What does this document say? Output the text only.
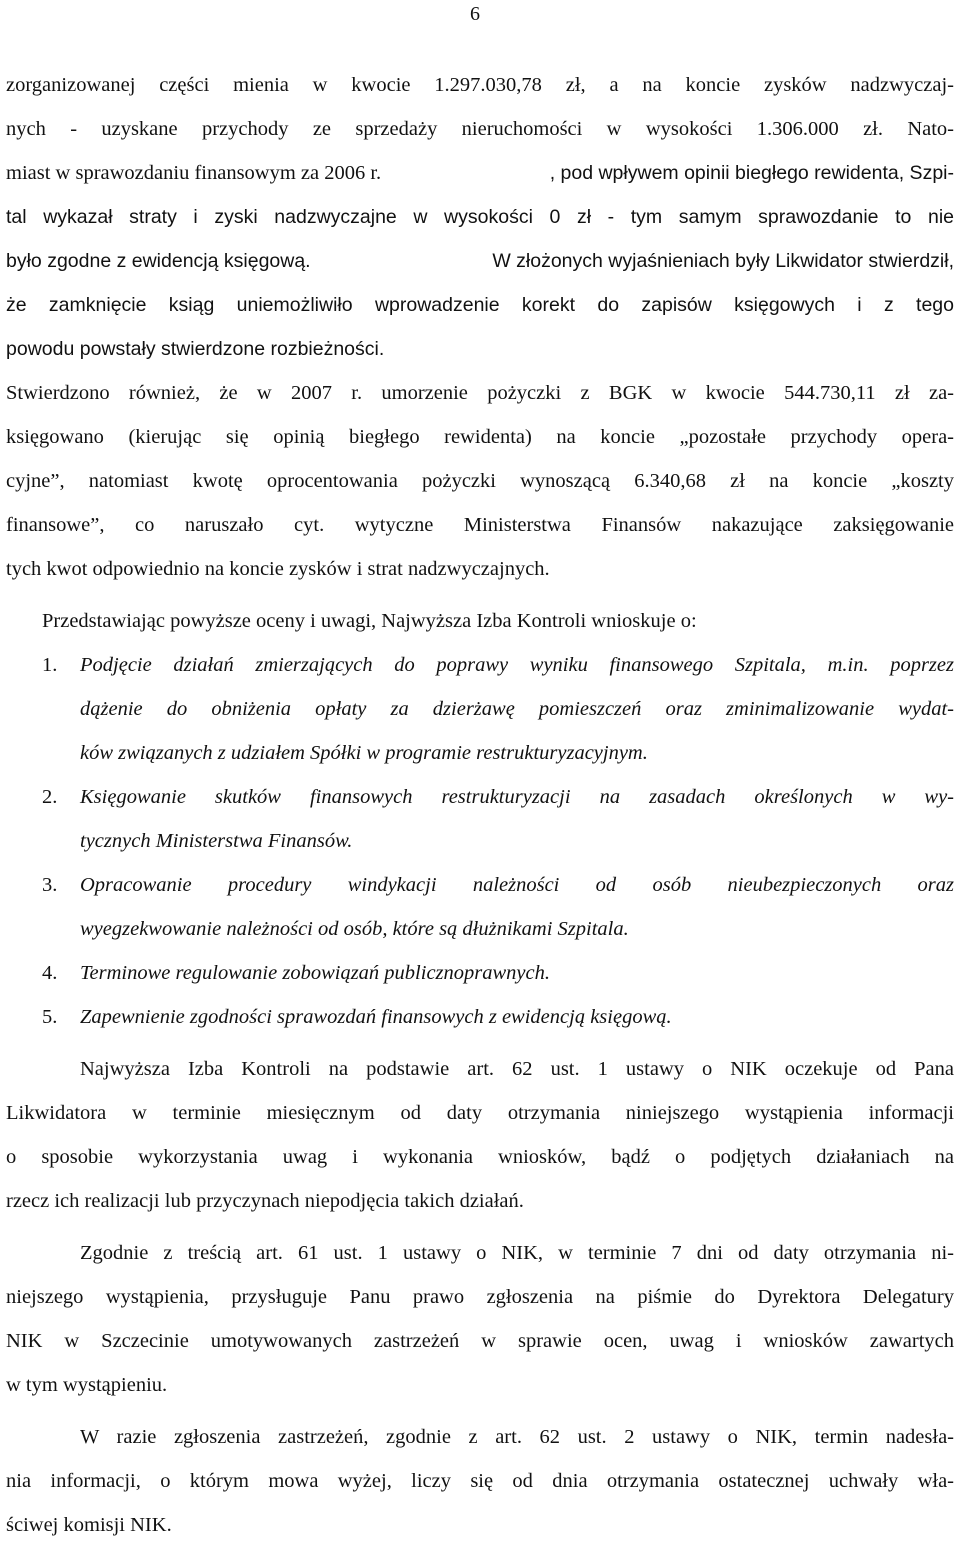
6
zorganizowanej części mienia w kwocie 1.297.030,78 zł, a na koncie zysków nadzwyczaj-
nych - uzyskane przychody ze sprzedaży nieruchomości w wysokości 1.306.000 zł. Nato-
miast w sprawozdaniu finansowym za 2006 r.	, pod wpływem opinii biegłego rewidenta, Szpi-
tal wykazał straty i zyski nadzwyczajne w wysokości 0 zł - tym samym sprawozdanie to nie
było zgodne z ewidencją księgową.	W złożonych wyjaśnieniach były Likwidator stwierdził,
że zamknięcie ksiąg uniemożliwiło wprowadzenie korekt do zapisów księgowych i z tego
powodu powstały stwierdzone rozbieżności.
Stwierdzono również, że w 2007 r. umorzenie pożyczki z BGK w kwocie 544.730,11 zł za-
księgowano (kierując się opinią biegłego rewidenta) na koncie „pozostałe przychody opera-
cyjne”, natomiast kwotę oprocentowania pożyczki wynoszącą 6.340,68 zł na koncie „koszty
finansowe”, co naruszało cyt. wytyczne Ministerstwa Finansów nakazujące zaksięgowanie
tych kwot odpowiednio na koncie zysków i strat nadzwyczajnych.
Przedstawiając powyższe oceny i uwagi, Najwyższa Izba Kontroli wnioskuje o:
1. Podjęcie działań zmierzających do poprawy wyniku finansowego Szpitala, m.in. poprzez
dążenie do obniżenia opłaty za dzierżawę pomieszczeń oraz zminimalizowanie wydat-
ków związanych z udziałem Spółki w programie restrukturyzacyjnym.
2. Księgowanie skutków finansowych restrukturyzacji na zasadach określonych w wy-
tycznych Ministerstwa Finansów.
3. Opracowanie procedury windykacji należności od osób nieubezpieczonych oraz
wyegzekwowanie należności od osób, które są dłużnikami Szpitala.
4. Terminowe regulowanie zobowiązań publicznoprawnych.
5. Zapewnienie zgodności sprawozdań finansowych z ewidencją księgową.
Najwyższa Izba Kontroli na podstawie art. 62 ust. 1 ustawy o NIK oczekuje od Pana
Likwidatora w terminie miesięcznym od daty otrzymania niniejszego wystąpienia informacji
o sposobie wykorzystania uwag i wykonania wniosków, bądź o podjętych działaniach na
rzecz ich realizacji lub przyczynach niepodjęcia takich działań.
Zgodnie z treścią art. 61 ust. 1 ustawy o NIK, w terminie 7 dni od daty otrzymania ni-
niejszego wystąpienia, przysługuje Panu prawo zgłoszenia na piśmie do Dyrektora Delegatury
NIK w Szczecinie umotywowanych zastrzeżeń w sprawie ocen, uwag i wniosków zawartych
w tym wystąpieniu.
W razie zgłoszenia zastrzeżeń, zgodnie z art. 62 ust. 2 ustawy o NIK, termin nadesła-
nia informacji, o którym mowa wyżej, liczy się od dnia otrzymania ostatecznej uchwały wła-
ściwej komisji NIK.
